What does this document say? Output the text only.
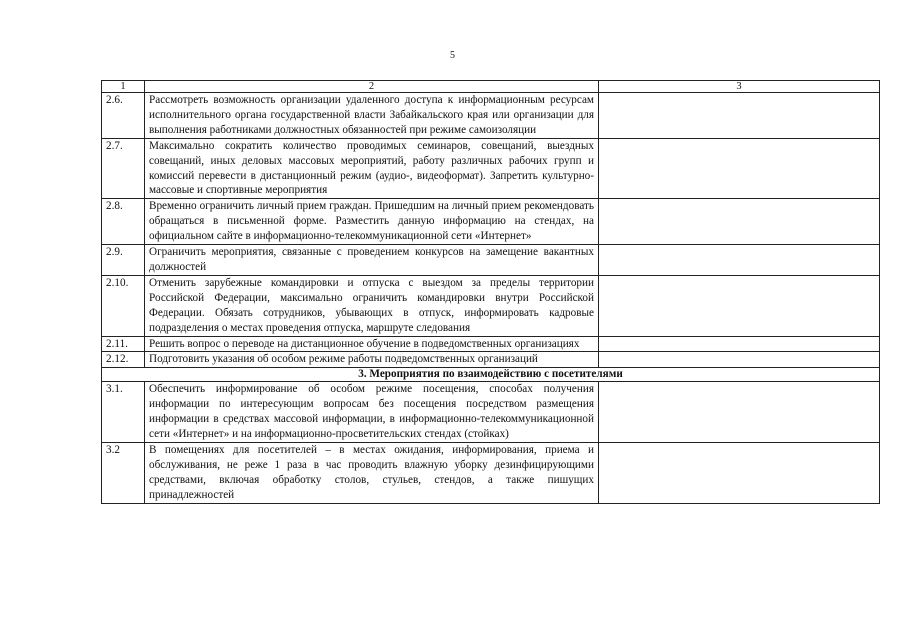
5
1	2	3
2.6.	Рассмотреть возможность организации удаленного доступа к информационным ресурсам исполнительного органа государственной власти Забайкальского края или организации для выполнения работниками должностных обязанностей при режиме самоизоляции	
2.7.	Максимально сократить количество проводимых семинаров, совещаний, выездных совещаний, иных деловых массовых мероприятий, работу различных рабочих групп и комиссий перевести в дистанционный режим (аудио-, видеоформат). Запретить культурно-массовые и спортивные мероприятия	
2.8.	Временно ограничить личный прием граждан. Пришедшим на личный прием рекомендовать обращаться в письменной форме. Разместить данную информацию на стендах, на официальном сайте в информационно-телекоммуникационной сети «Интернет»	
2.9.	Ограничить мероприятия, связанные с проведением конкурсов на замещение вакантных должностей	
2.10.	Отменить зарубежные командировки и отпуска с выездом за пределы территории Российской Федерации, максимально ограничить командировки внутри Российской Федерации. Обязать сотрудников, убывающих в отпуск, информировать кадровые подразделения о местах проведения отпуска, маршруте следования	
2.11.	Решить вопрос о переводе на дистанционное обучение в подведомственных организациях	
2.12.	Подготовить указания об особом режиме работы подведомственных организаций	
3. Мероприятия по взаимодействию с посетителями		
3.1.	Обеспечить информирование об особом режиме посещения, способах получения информации по интересующим вопросам без посещения посредством размещения информации в средствах массовой информации, в информационно-телекоммуникационной сети «Интернет» и на информационно-просветительских стендах (стойках)	
3.2	В помещениях для посетителей – в местах ожидания, информирования, приема и обслуживания, не реже 1 раза в час проводить влажную уборку дезинфицирующими средствами, включая обработку столов, стульев, стендов, а также пишущих принадлежностей	
